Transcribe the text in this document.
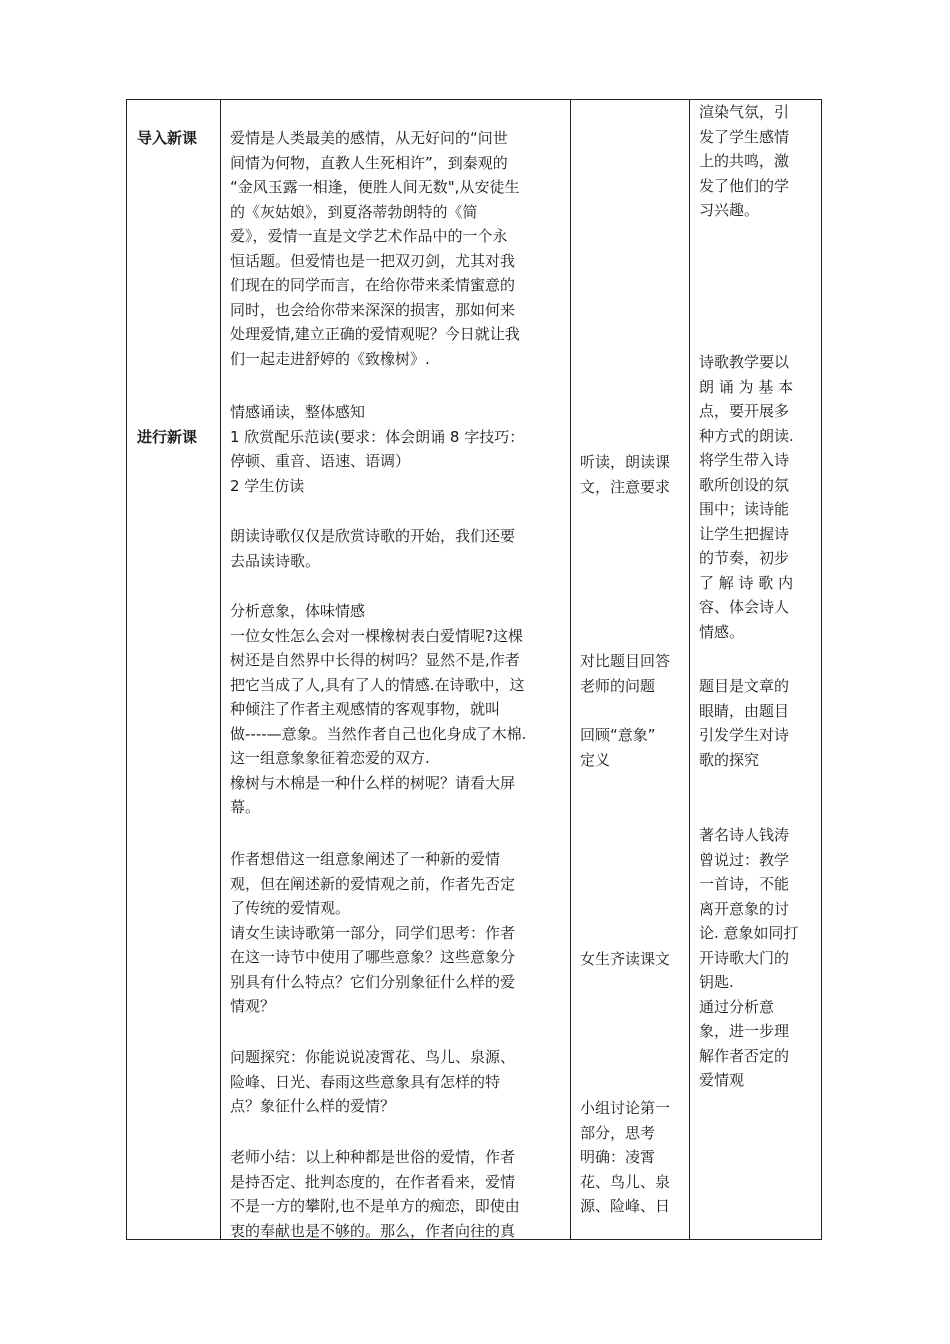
导入新课
进行新课
爱情是人类最美的感情，从无好问的“问世
间情为何物，直教人生死相许”，到秦观的
“金风玉露一相逢，便胜人间无数",从安徒生
的《灰姑娘》，到夏洛蒂勃朗特的《简
爱》，爱情一直是文学艺术作品中的一个永
恒话题。但爱情也是一把双刃剑，尤其对我
们现在的同学而言，在给你带来柔情蜜意的
同时，也会给你带来深深的损害，那如何来
处理爱情,建立正确的爱情观呢？今日就让我
们一起走进舒婷的《致橡树》.
情感诵读，整体感知
1 欣赏配乐范读(要求：体会朗诵 8 字技巧：
停顿、重音、语速、语调）
2 学生仿读
朗读诗歌仅仅是欣赏诗歌的开始，我们还要
去品读诗歌。
分析意象，体味情感
一位女性怎么会对一棵橡树表白爱情呢?这棵
树还是自然界中长得的树吗？显然不是,作者
把它当成了人,具有了人的情感.在诗歌中，这
种倾注了作者主观感情的客观事物，就叫
做----—意象。当然作者自己也化身成了木棉.
这一组意象象征着恋爱的双方.
橡树与木棉是一种什么样的树呢？请看大屏
幕。
作者想借这一组意象阐述了一种新的爱情
观，但在阐述新的爱情观之前，作者先否定
了传统的爱情观。
请女生读诗歌第一部分，同学们思考：作者
在这一诗节中使用了哪些意象？这些意象分
别具有什么特点？它们分别象征什么样的爱
情观？
问题探究：你能说说凌霄花、鸟儿、泉源、
险峰、日光、春雨这些意象具有怎样的特
点？象征什么样的爱情？
老师小结：以上种种都是世俗的爱情，作者
是持否定、批判态度的，在作者看来，爱情
不是一方的攀附,也不是单方的痴恋，即使由
衷的奉献也是不够的。那么，作者向往的真
听读，朗读课
文，注意要求
对比题目回答
老师的问题
回顾“意象”
定义
女生齐读课文
小组讨论第一
部分，思考
明确：凌霄
花、鸟儿、泉
源、险峰、日
渲染气氛，引
发了学生感情
上的共鸣，激
发了他们的学
习兴趣。
诗歌教学要以
朗 诵 为 基 本
点，要开展多
种方式的朗读.
将学生带入诗
歌所创设的氛
围中；读诗能
让学生把握诗
的节奏，初步
了 解 诗 歌 内
容、体会诗人
情感。
题目是文章的
眼睛，由题目
引发学生对诗
歌的探究
著名诗人钱涛
曾说过：教学
一首诗，不能
离开意象的讨
论. 意象如同打
开诗歌大门的
钥匙.
通过分析意
象，进一步理
解作者否定的
爱情观
